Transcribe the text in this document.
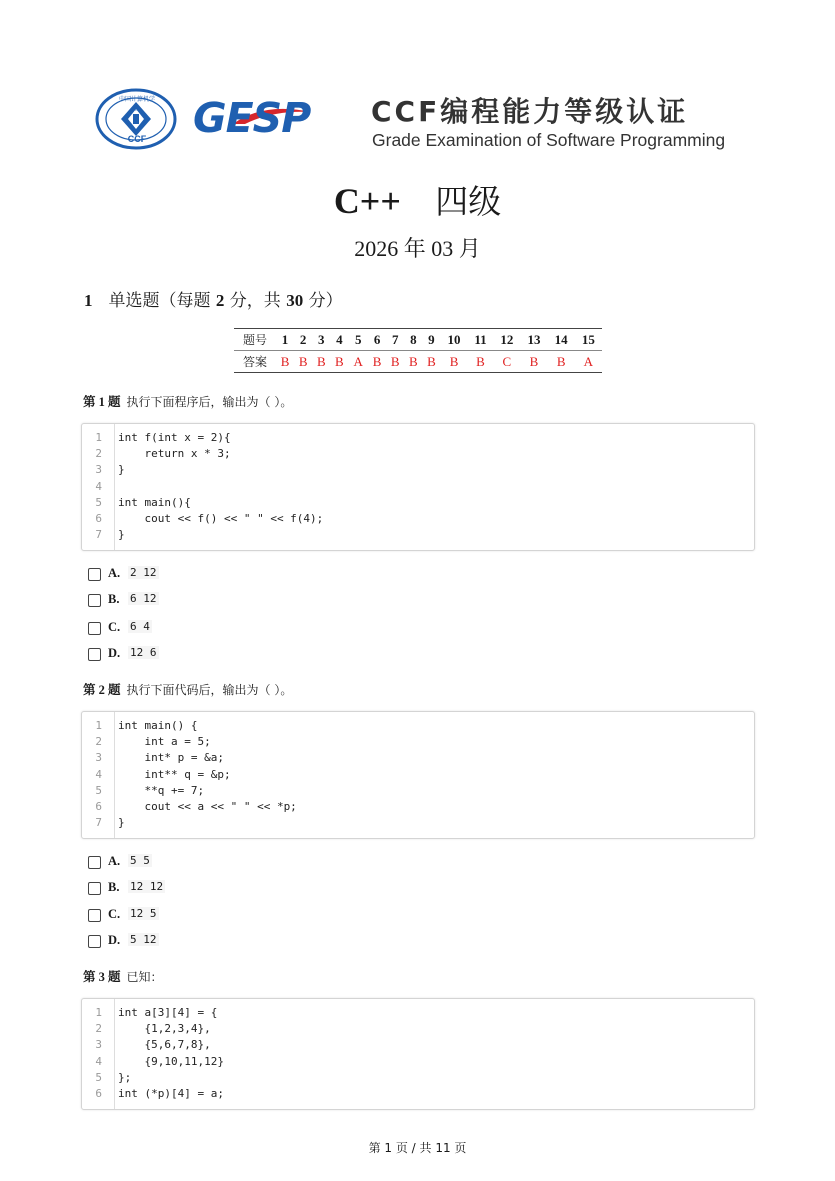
中国计算机学会
CCF	GESP CCF编程能力等级认证
Grade Examination of Software Programming
C++ 四级
2026 年 03 月
1 单选题（每题 2 分，共 30 分）
题号	1	2	3	4	5	6	7	8	9	10	11	12	13	14	15
答案	B	B	B	B	A	B	B	B	B	B	B	C	B	B	A
第 1 题 执行下面程序后，输出为（ ）。
1 int f(int x = 2){
2 return x * 3;
3 }
4
5 int main(){
6 cout << f() << " " << f(4);
7 }
A. 2 12
B. 6 12
C. 6 4
D. 12 6
第 2 题 执行下面代码后，输出为（ ）。
1 int main() {
2 int a = 5;
3 int* p = &a;
4 int** q = &p;
5 **q += 7;
6 cout << a << " " << *p;
7 }
A. 5 5
B. 12 12
C. 12 5
D. 5 12
第 3 题 已知：
1 int a[3][4] = {
2 {1,2,3,4},
3 {5,6,7,8},
4 {9,10,11,12}
5 };
6 int (*p)[4] = a;
第 1 页 / 共 11 页
